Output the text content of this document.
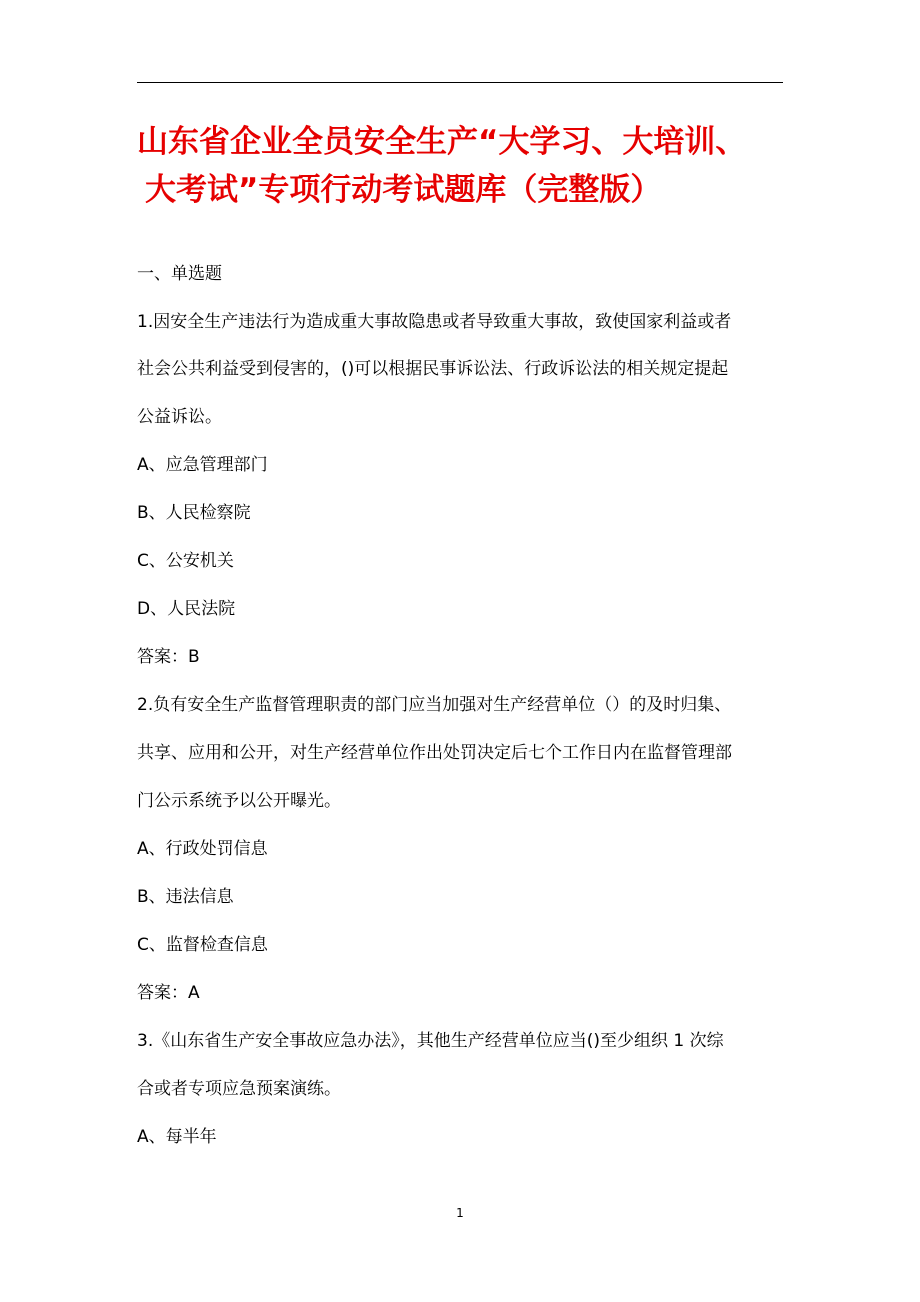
山东省企业全员安全生产“大学习、大培训、
大考试”专项行动考试题库（完整版）

一、单选题

1.因安全生产违法行为造成重大事故隐患或者导致重大事故，致使国家利益或者

社会公共利益受到侵害的，()可以根据民事诉讼法、行政诉讼法的相关规定提起

公益诉讼。

A、应急管理部门

B、人民检察院

C、公安机关

D、人民法院

答案：B

2.负有安全生产监督管理职责的部门应当加强对生产经营单位（）的及时归集、

共享、应用和公开，对生产经营单位作出处罚决定后七个工作日内在监督管理部

门公示系统予以公开曝光。

A、行政处罚信息

B、违法信息

C、监督检查信息

答案：A

3.《山东省生产安全事故应急办法》，其他生产经营单位应当()至少组织 1 次综

合或者专项应急预案演练。

A、每半年

1
